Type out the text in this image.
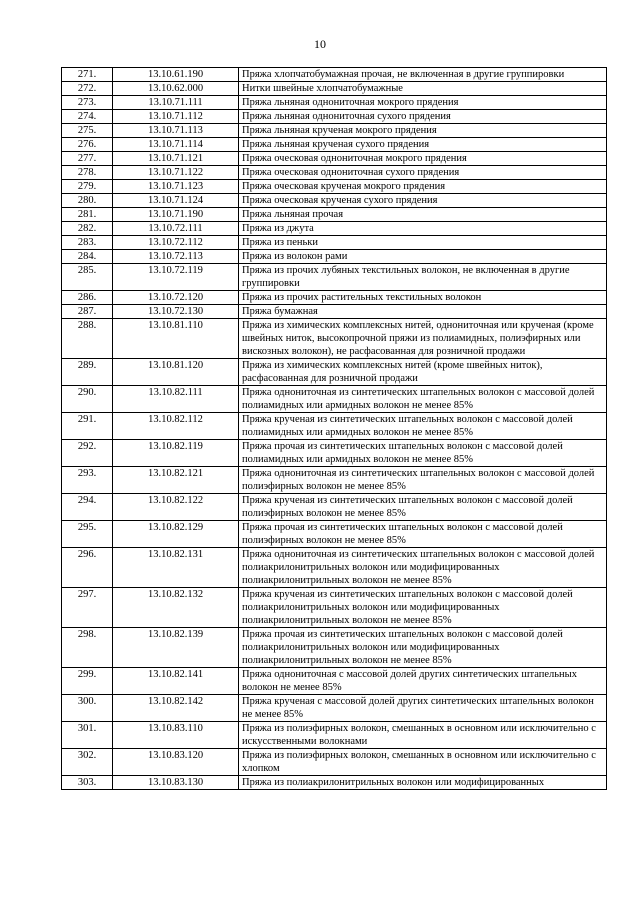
10
271.	13.10.61.190	Пряжа хлопчатобумажная прочая, не включенная в другие группировки
272.	13.10.62.000	Нитки швейные хлопчатобумажные
273.	13.10.71.111	Пряжа льняная однониточная мокрого прядения
274.	13.10.71.112	Пряжа льняная однониточная сухого прядения
275.	13.10.71.113	Пряжа льняная крученая мокрого прядения
276.	13.10.71.114	Пряжа льняная крученая сухого прядения
277.	13.10.71.121	Пряжа оческовая однониточная мокрого прядения
278.	13.10.71.122	Пряжа оческовая однониточная сухого прядения
279.	13.10.71.123	Пряжа оческовая крученая мокрого прядения
280.	13.10.71.124	Пряжа оческовая крученая сухого прядения
281.	13.10.71.190	Пряжа льняная прочая
282.	13.10.72.111	Пряжа из джута
283.	13.10.72.112	Пряжа из пеньки
284.	13.10.72.113	Пряжа из волокон рами
285.	13.10.72.119	Пряжа из прочих лубяных текстильных волокон, не включенная в другие группировки
286.	13.10.72.120	Пряжа из прочих растительных текстильных волокон
287.	13.10.72.130	Пряжа бумажная
288.	13.10.81.110	Пряжа из химических комплексных нитей, однониточная или крученая (кроме швейных ниток, высокопрочной пряжи из полиамидных, полиэфирных или вискозных волокон), не расфасованная для розничной продажи
289.	13.10.81.120	Пряжа из химических комплексных нитей (кроме швейных ниток), расфасованная для розничной продажи
290.	13.10.82.111	Пряжа однониточная из синтетических штапельных волокон с массовой долей полиамидных или армидных волокон не менее 85%
291.	13.10.82.112	Пряжа крученая из синтетических штапельных волокон с массовой долей полиамидных или армидных волокон не менее 85%
292.	13.10.82.119	Пряжа прочая из синтетических штапельных волокон с массовой долей полиамидных или армидных волокон не менее 85%
293.	13.10.82.121	Пряжа однониточная из синтетических штапельных волокон с массовой долей полиэфирных волокон не менее 85%
294.	13.10.82.122	Пряжа крученая из синтетических штапельных волокон с массовой долей полиэфирных волокон не менее 85%
295.	13.10.82.129	Пряжа прочая из синтетических штапельных волокон с массовой долей полиэфирных волокон не менее 85%
296.	13.10.82.131	Пряжа однониточная из синтетических штапельных волокон с массовой долей полиакрилонитрильных волокон или модифицированных полиакрилонитрильных волокон не менее 85%
297.	13.10.82.132	Пряжа крученая из синтетических штапельных волокон с массовой долей полиакрилонитрильных волокон или модифицированных полиакрилонитрильных волокон не менее 85%
298.	13.10.82.139	Пряжа прочая из синтетических штапельных волокон с массовой долей полиакрилонитрильных волокон или модифицированных полиакрилонитрильных волокон не менее 85%
299.	13.10.82.141	Пряжа однониточная с массовой долей других синтетических штапельных волокон не менее 85%
300.	13.10.82.142	Пряжа крученая с массовой долей других синтетических штапельных волокон не менее 85%
301.	13.10.83.110	Пряжа из полиэфирных волокон, смешанных в основном или исключительно с искусственными волокнами
302.	13.10.83.120	Пряжа из полиэфирных волокон, смешанных в основном или исключительно с хлопком
303.	13.10.83.130	Пряжа из полиакрилонитрильных волокон или модифицированных
